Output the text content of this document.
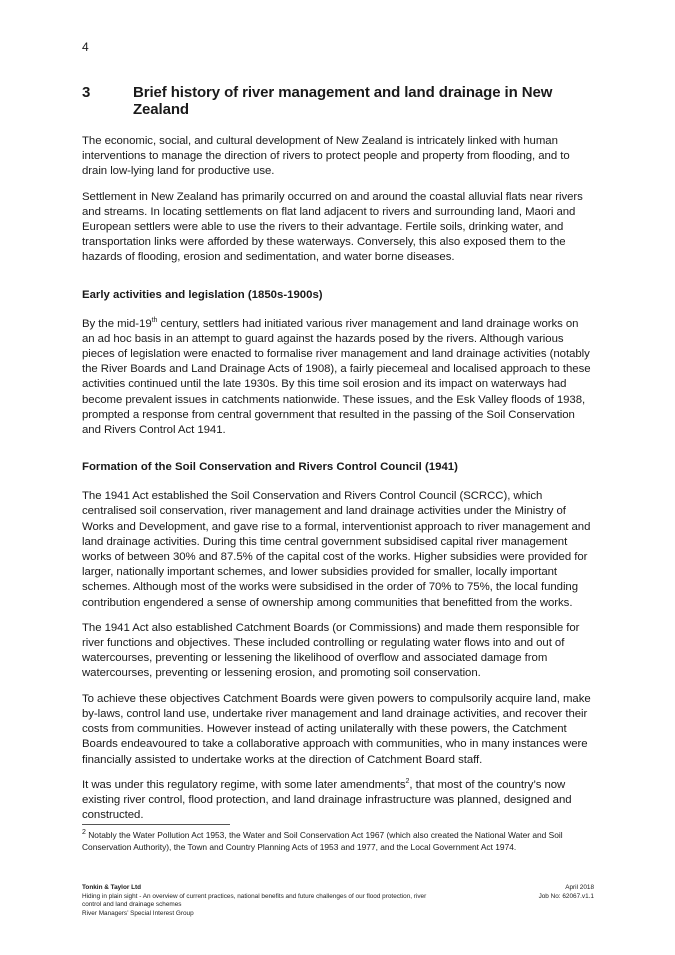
4
3	Brief history of river management and land drainage in New Zealand

The economic, social, and cultural development of New Zealand is intricately linked with human interventions to manage the direction of rivers to protect people and property from flooding, and to drain low-lying land for productive use.

Settlement in New Zealand has primarily occurred on and around the coastal alluvial flats near rivers and streams. In locating settlements on flat land adjacent to rivers and surrounding land, Maori and European settlers were able to use the rivers to their advantage. Fertile soils, drinking water, and transportation links were afforded by these waterways. Conversely, this also exposed them to the hazards of flooding, erosion and sedimentation, and water borne diseases.

Early activities and legislation (1850s-1900s)

By the mid-19th century, settlers had initiated various river management and land drainage works on an ad hoc basis in an attempt to guard against the hazards posed by the rivers. Although various pieces of legislation were enacted to formalise river management and land drainage activities (notably the River Boards and Land Drainage Acts of 1908), a fairly piecemeal and localised approach to these activities continued until the late 1930s. By this time soil erosion and its impact on waterways had become prevalent issues in catchments nationwide. These issues, and the Esk Valley floods of 1938, prompted a response from central government that resulted in the passing of the Soil Conservation and Rivers Control Act 1941.

Formation of the Soil Conservation and Rivers Control Council (1941)

The 1941 Act established the Soil Conservation and Rivers Control Council (SCRCC), which centralised soil conservation, river management and land drainage activities under the Ministry of Works and Development, and gave rise to a formal, interventionist approach to river management and land drainage activities. During this time central government subsidised capital river management works of between 30% and 87.5% of the capital cost of the works. Higher subsidies were provided for larger, nationally important schemes, and lower subsidies provided for smaller, locally important schemes. Although most of the works were subsidised in the order of 70% to 75%, the local funding contribution engendered a sense of ownership among communities that benefitted from the works.

The 1941 Act also established Catchment Boards (or Commissions) and made them responsible for river functions and objectives. These included controlling or regulating water flows into and out of watercourses, preventing or lessening the likelihood of overflow and associated damage from watercourses, preventing or lessening erosion, and promoting soil conservation.

To achieve these objectives Catchment Boards were given powers to compulsorily acquire land, make by-laws, control land use, undertake river management and land drainage activities, and recover their costs from communities. However instead of acting unilaterally with these powers, the Catchment Boards endeavoured to take a collaborative approach with communities, who in many instances were financially assisted to undertake works at the direction of Catchment Board staff.

It was under this regulatory regime, with some later amendments$^2$, that most of the country’s now existing river control, flood protection, and land drainage infrastructure was planned, designed and constructed.

$^2$ Notably the Water Pollution Act 1953, the Water and Soil Conservation Act 1967 (which also created the National Water and Soil Conservation Authority), the Town and Country Planning Acts of 1953 and 1977, and the Local Government Act 1974.
Tonkin & Taylor Ltd
Hiding in plain sight - An overview of current practices, national benefits and future challenges of our flood protection, river control and land drainage schemes
River Managers’ Special Interest Group
April 2018
Job No: 62067.v1.1
